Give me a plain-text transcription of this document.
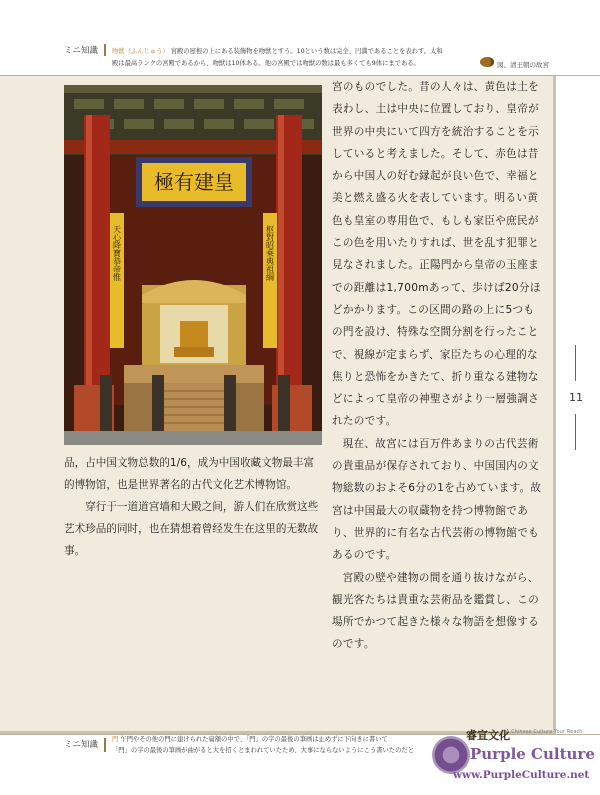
ミニ知識	吻獣（ふんじゅう） 宮殿の屋根の上にある装飾物を吻獣とすう。10という数は完全、円満であることを表わす。太和
殿は最高ランクの宮殿であるから、吻獣は10体ある。他の宮殿では吻獣の数は最も多くても9体にまである。	図、清王朝の故宮
極有建皇
天心降寶恭帝惟	枢對昭乘典祖綱

品，占中国文物总数的1/6，成为中国收藏文物最丰富的博物馆，也是世界著名的古代文化艺术博物馆。

穿行于一道道宫墙和大殿之间，游人们在欣赏这些艺术珍品的同时，也在猜想着曾经发生在这里的无数故事。

宮のものでした。昔の人々は、黄色は土を表わし、土は中央に位置しており、皇帝が世界の中央にいて四方を統治することを示していると考えました。そして、赤色は昔から中国人の好む縁起が良い色で、幸福と美と燃え盛る火を表しています。明るい黄色も皇室の専用色で、もしも家臣や庶民がこの色を用いたりすれば、世を乱す犯罪と見なされました。正陽門から皇帝の玉座までの距離は1,700mあって、歩けば20分ほどかかります。この区間の路の上に5つもの門を設け、特殊な空間分割を行ったことで、視線が定まらず、家臣たちの心理的な焦りと恐怖をかきたて、折り重なる建物などによって皇帝の神聖さがより一層強調されたのです。

現在、故宮には百万件あまりの古代芸術の貴重品が保存されており、中国国内の文物総数のおよそ6分の1を占めています。故宮は中国最大の収蔵物を持つ博物館であり、世界的に有名な古代芸術の博物館でもあるのです。

宮殿の壁や建物の間を通り抜けながら、観光客たちは貴重な芸術品を鑑賞し、この場所でかつて起きた様々な物語を想像するのです。

11
ミニ知識
門 午門やその他の門に建けられた扁額の中で、「門」の字の最後の筆画は止めずに下向きに書いて
「門」の字の最後の筆画が曲がると大を招くとまわれていたため、大事にならないようにこう書いたのだと
睿宣文化
A Chinese Culture Your Reach
Purple Culture
www.PurpleCulture.net
